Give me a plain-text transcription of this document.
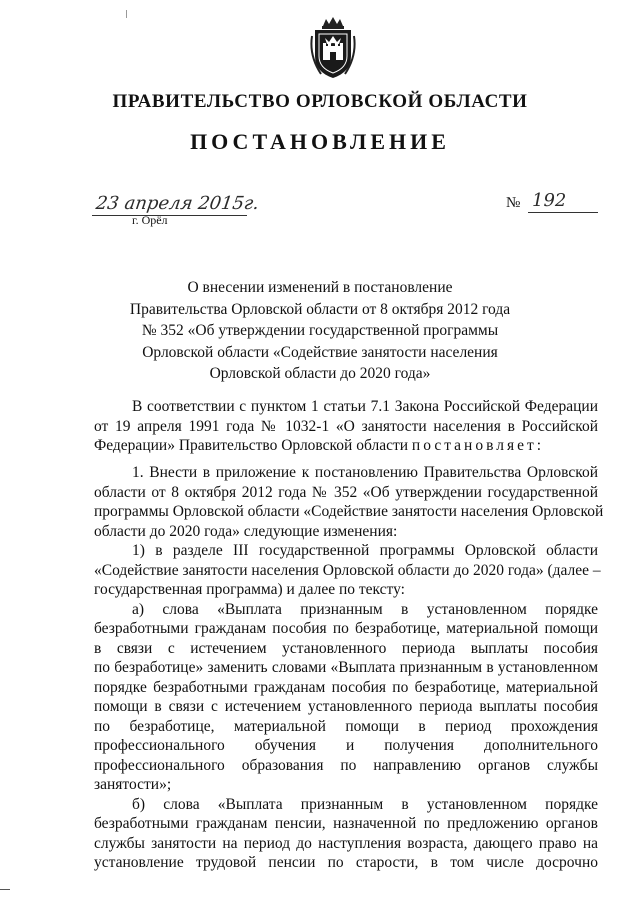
ПРАВИТЕЛЬСТВО ОРЛОВСКОЙ ОБЛАСТИ
ПОСТАНОВЛЕНИЕ
23 апреля 2015г.
г. Орёл
№ 192
О внесении изменений в постановление
Правительства Орловской области от 8 октября 2012 года
№ 352 «Об утверждении государственной программы
Орловской области «Содействие занятости населения
Орловской области до 2020 года»
В соответствии с пунктом 1 статьи 7.1 Закона Российской Федерации
от 19 апреля 1991 года № 1032-1 «О занятости населения в Российской
Федерации» Правительство Орловской области постановляет:
1. Внести в приложение к постановлению Правительства Орловской
области от 8 октября 2012 года № 352 «Об утверждении государственной
программы Орловской области «Содействие занятости населения Орловской
области до 2020 года» следующие изменения:
1) в разделе III государственной программы Орловской области
«Содействие занятости населения Орловской области до 2020 года» (далее –
государственная программа) и далее по тексту:
а) слова «Выплата признанным в установленном порядке
безработными гражданам пособия по безработице, материальной помощи
в связи с истечением установленного периода выплаты пособия
по безработице» заменить словами «Выплата признанным в установленном
порядке безработными гражданам пособия по безработице, материальной
помощи в связи с истечением установленного периода выплаты пособия
по безработице, материальной помощи в период прохождения
профессионального обучения и получения дополнительного
профессионального образования по направлению органов службы
занятости»;
б) слова «Выплата признанным в установленном порядке
безработными гражданам пенсии, назначенной по предложению органов
службы занятости на период до наступления возраста, дающего право на
установление трудовой пенсии по старости, в том числе досрочно
